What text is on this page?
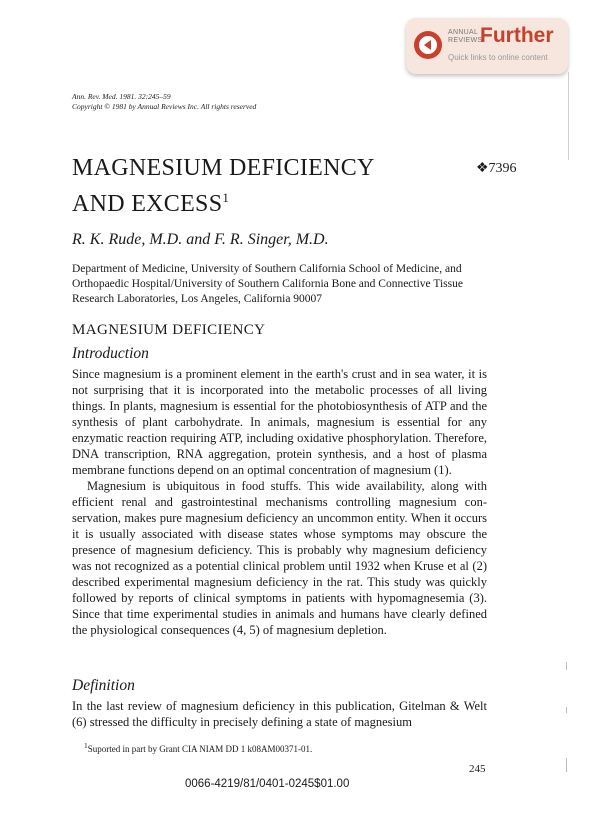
ANNUAL
REVIEWS
Further
Quick links to online content
Ann. Rev. Med. 1981. 32:245–59
Copyright © 1981 by Annual Reviews Inc. All rights reserved
MAGNESIUM DEFICIENCY
AND EXCESS$^1$
❖7396
R. K. Rude, M.D. and F. R. Singer, M.D.
Department of Medicine, University of Southern California School of Medicine, and Orthopaedic Hospital/University of Southern California Bone and Connective Tissue Research Laboratories, Los Angeles, California 90007
MAGNESIUM DEFICIENCY
Introduction

Since magnesium is a prominent element in the earth's crust and in sea water, it is not surprising that it is incorporated into the metabolic processes of all living things. In plants, magnesium is essential for the photobiosynthesis of ATP and the synthesis of plant carbohydrate. In animals, magnesium is essential for any enzymatic reaction requiring ATP, including oxidative phosphorylation. Therefore, DNA transcription, RNA aggregation, protein synthesis, and a host of plasma membrane functions depend on an optimal concentration of magnesium (1).

Magnesium is ubiquitous in food stuffs. This wide availability, along with efficient renal and gastrointestinal mechanisms controlling magnesium conservation, makes pure magnesium deficiency an uncommon entity. When it occurs it is usually associated with disease states whose symptoms may obscure the presence of magnesium deficiency. This is probably why magnesium deficiency was not recognized as a potential clinical problem until 1932 when Kruse et al (2) described experimental magnesium deficiency in the rat. This study was quickly followed by reports of clinical symptoms in patients with hypomagnesemia (3). Since that time experimental studies in animals and humans have clearly defined the physiological consequences (4, 5) of magnesium depletion.

Definition

In the last review of magnesium deficiency in this publication, Gitelman & Welt (6) stressed the difficulty in precisely defining a state of magnesium

$^1$Suported in part by Grant CIA NIAM DD 1 k08AM00371-01.
245
0066-4219/81/0401-0245$01.00
